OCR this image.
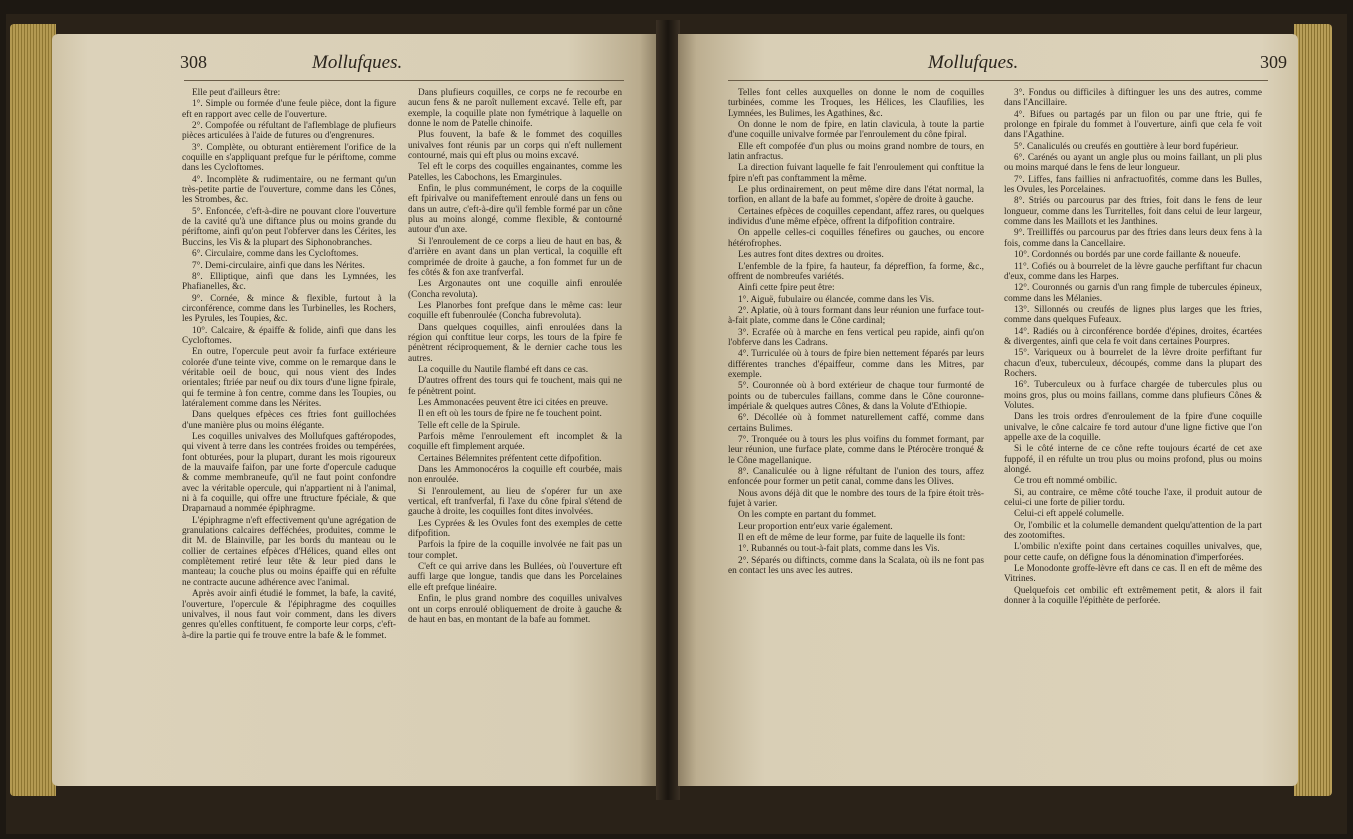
308	Mollufques.

Elle peut d'ailleurs être:

1°. Simple ou formée d'une feule pièce, dont la figure eft en rapport avec celle de l'ouverture.

2°. Compofée ou réfultant de l'aflemblage de plufieurs pièces articulées à l'aide de futures ou d'engrenures.

3°. Complète, ou obturant entièrement l'orifice de la coquille en s'appliquant prefque fur le périftome, comme dans les Cycloftomes.

4°. Incomplète & rudimentaire, ou ne fermant qu'un très-petite partie de l'ouverture, comme dans les Cônes, les Strombes, &c.

5°. Enfoncée, c'eft-à-dire ne pouvant clore l'ouverture de la cavité qu'à une diftance plus ou moins grande du périftome, ainfi qu'on peut l'obferver dans les Cérites, les Buccins, les Vis & la plupart des Siphonobranches.

6°. Circulaire, comme dans les Cycloftomes.

7°. Demi-circulaire, ainfi que dans les Nérites.

8°. Elliptique, ainfi que dans les Lymnées, les Phafianelles, &c.

9°. Cornée, & mince & flexible, furtout à la circonférence, comme dans les Turbinelles, les Rochers, les Pyrules, les Toupies, &c.

10°. Calcaire, & épaiffe & folide, ainfi que dans les Cycloftomes.

En outre, l'opercule peut avoir fa furface extérieure colorée d'une teinte vive, comme on le remarque dans le véritable oeil de bouc, qui nous vient des Indes orientales; ftriée par neuf ou dix tours d'une ligne fpirale, qui fe termine à fon centre, comme dans les Toupies, ou latéralement comme dans les Nérites.

Dans quelques efpèces ces ftries font guillochées d'une manière plus ou moins élégante.

Les coquilles univalves des Mollufques gaftéropodes, qui vivent à terre dans les contrées froides ou tempérées, font obturées, pour la plupart, durant les mois rigoureux de la mauvaife faifon, par une forte d'opercule caduque & comme membraneufe, qu'il ne faut point confondre avec la véritable opercule, qui n'appartient ni à l'animal, ni à fa coquille, qui offre une ftructure fpéciale, & que Draparnaud a nommée épiphragme.

L'épiphragme n'eft effectivement qu'une agrégation de granulations calcaires defféchées, produites, comme le dit M. de Blainville, par les bords du manteau ou le collier de certaines efpèces d'Hélices, quand elles ont complètement retiré leur tête & leur pied dans le manteau; la couche plus ou moins épaiffe qui en réfulte ne contracte aucune adhérence avec l'animal.

Après avoir ainfi étudié le fommet, la bafe, la cavité, l'ouverture, l'opercule & l'épiphragme des coquilles univalves, il nous faut voir comment, dans les divers genres qu'elles conftituent, fe comporte leur corps, c'eft-à-dire la partie qui fe trouve entre la bafe & le fommet.

Dans plufieurs coquilles, ce corps ne fe recourbe en aucun fens & ne paroît nullement excavé. Telle eft, par exemple, la coquille plate non fymétrique à laquelle on donne le nom de Patelle chinoife.

Plus fouvent, la bafe & le fommet des coquilles univalves font réunis par un corps qui n'eft nullement contourné, mais qui eft plus ou moins excavé.

Tel eft le corps des coquilles engainantes, comme les Patelles, les Cabochons, les Emarginules.

Enfin, le plus communément, le corps de la coquille eft fpirivalve ou manifeftement enroulé dans un fens ou dans un autre, c'eft-à-dire qu'il femble formé par un cône plus au moins alongé, comme flexible, & contourné autour d'un axe.

Si l'enroulement de ce corps a lieu de haut en bas, & d'arrière en avant dans un plan vertical, la coquille eft comprimée de droite à gauche, a fon fommet fur un de fes côtés & fon axe tranfverfal.

Les Argonautes ont une coquille ainfi enroulée (Concha revoluta).

Les Planorbes font prefque dans le même cas: leur coquille eft fubenroulée (Concha fubrevoluta).

Dans quelques coquilles, ainfi enroulées dans la région qui conftitue leur corps, les tours de la fpire fe pénètrent réciproquement, & le dernier cache tous les autres.

La coquille du Nautile flambé eft dans ce cas.

D'autres offrent des tours qui fe touchent, mais qui ne fe pénètrent point.

Les Ammonacées peuvent être ici citées en preuve.

Il en eft où les tours de fpire ne fe touchent point.

Telle eft celle de la Spirule.

Parfois même l'enroulement eft incomplet & la coquille eft fimplement arquée.

Certaines Bélemnites préfentent cette difpofition.

Dans les Ammonocéros la coquille eft courbée, mais non enroulée.

Si l'enroulement, au lieu de s'opérer fur un axe vertical, eft tranfverfal, fi l'axe du cône fpiral s'étend de gauche à droite, les coquilles font dites involvées.

Les Cyprées & les Ovules font des exemples de cette difpofition.

Parfois la fpire de la coquille involvée ne fait pas un tour complet.

C'eft ce qui arrive dans les Bullées, où l'ouverture eft auffi large que longue, tandis que dans les Porcelaines elle eft prefque linéaire.

Enfin, le plus grand nombre des coquilles univalves ont un corps enroulé obliquement de droite à gauche & de haut en bas, en montant de la bafe au fommet.

Mollufques.	309

Telles font celles auxquelles on donne le nom de coquilles turbinées, comme les Troques, les Hélices, les Claufilies, les Lymnées, les Bulimes, les Agathines, &c.

On donne le nom de fpire, en latin clavicula, à toute la partie d'une coquille univalve formée par l'enroulement du cône fpiral.

Elle eft compofée d'un plus ou moins grand nombre de tours, en latin anfractus.

La direction fuivant laquelle fe fait l'enroulement qui conftitue la fpire n'eft pas conftamment la même.

Le plus ordinairement, on peut même dire dans l'état normal, la torfion, en allant de la bafe au fommet, s'opère de droite à gauche.

Certaines efpèces de coquilles cependant, affez rares, ou quelques individus d'une même efpèce, offrent la difpofition contraire.

On appelle celles-ci coquilles fénefires ou gauches, ou encore hétérofrophes.

Les autres font dites dextres ou droites.

L'enfemble de la fpire, fa hauteur, fa dépreffion, fa forme, &c., offrent de nombreufes variétés.

Ainfi cette fpire peut être:

1°. Aiguë, fubulaire ou élancée, comme dans les Vis.

2°. Aplatie, où à tours formant dans leur réunion une furface tout-à-fait plate, comme dans le Cône cardinal;

3°. Ecrafée où à marche en fens vertical peu rapide, ainfi qu'on l'obferve dans les Cadrans.

4°. Turriculée où à tours de fpire bien nettement féparés par leurs différentes tranches d'épaiffeur, comme dans les Mitres, par exemple.

5°. Couronnée où à bord extérieur de chaque tour furmonté de points ou de tubercules faillans, comme dans le Cône couronne-impériale & quelques autres Cônes, & dans la Volute d'Ethiopie.

6°. Décollée où à fommet naturellement caffé, comme dans certains Bulimes.

7°. Tronquée ou à tours les plus voifins du fommet formant, par leur réunion, une furface plate, comme dans le Ptérocère tronqué & le Cône magellanique.

8°. Canaliculée ou à ligne réfultant de l'union des tours, affez enfoncée pour former un petit canal, comme dans les Olives.

Nous avons déjà dit que le nombre des tours de la fpire étoit très-fujet à varier.

On les compte en partant du fommet.

Leur proportion entr'eux varie également.

Il en eft de même de leur forme, par fuite de laquelle ils font:

1°. Rubannés ou tout-à-fait plats, comme dans les Vis.

2°. Séparés ou diftincts, comme dans la Scalata, où ils ne font pas en contact les uns avec les autres.

3°. Fondus ou difficiles à diftinguer les uns des autres, comme dans l'Ancillaire.

4°. Bifues ou partagés par un filon ou par une ftrie, qui fe prolonge en fpirale du fommet à l'ouverture, ainfi que cela fe voit dans l'Agathine.

5°. Canaliculés ou creufés en gouttière à leur bord fupérieur.

6°. Carénés ou ayant un angle plus ou moins faillant, un pli plus ou moins marqué dans le fens de leur longueur.

7°. Liffes, fans faillies ni anfractuofités, comme dans les Bulles, les Ovules, les Porcelaines.

8°. Striés ou parcourus par des ftries, foit dans le fens de leur longueur, comme dans les Turritelles, foit dans celui de leur largeur, comme dans les Maillots et les Janthines.

9°. Treilliffés ou parcourus par des ftries dans leurs deux fens à la fois, comme dans la Cancellaire.

10°. Cordonnés ou bordés par une corde faillante & noueufe.

11°. Cofiés ou à bourrelet de la lèvre gauche perfiftant fur chacun d'eux, comme dans les Harpes.

12°. Couronnés ou garnis d'un rang fimple de tubercules épineux, comme dans les Mélanies.

13°. Sillonnés ou creufés de lignes plus larges que les ftries, comme dans quelques Fufeaux.

14°. Radiés ou à circonférence bordée d'épines, droites, écartées & divergentes, ainfi que cela fe voit dans certaines Pourpres.

15°. Variqueux ou à bourrelet de la lèvre droite perfiftant fur chacun d'eux, tuberculeux, découpés, comme dans la plupart des Rochers.

16°. Tuberculeux ou à furface chargée de tubercules plus ou moins gros, plus ou moins faillans, comme dans plufieurs Cônes & Volutes.

Dans les trois ordres d'enroulement de la fpire d'une coquille univalve, le cône calcaire fe tord autour d'une ligne fictive que l'on appelle axe de la coquille.

Si le côté interne de ce cône refte toujours écarté de cet axe fuppofé, il en réfulte un trou plus ou moins profond, plus ou moins alongé.

Ce trou eft nommé ombilic.

Si, au contraire, ce même côté touche l'axe, il produit autour de celui-ci une forte de pilier tordu.

Celui-ci eft appelé columelle.

Or, l'ombilic et la columelle demandent quelqu'attention de la part des zootomiftes.

L'ombilic n'exifte point dans certaines coquilles univalves, que, pour cette caufe, on défigne fous la dénomination d'imperforées.

Le Monodonte groffe-lèvre eft dans ce cas. Il en eft de même des Vitrines.

Quelquefois cet ombilic eft extrêmement petit, & alors il fait donner à la coquille l'épithète de perforée.
